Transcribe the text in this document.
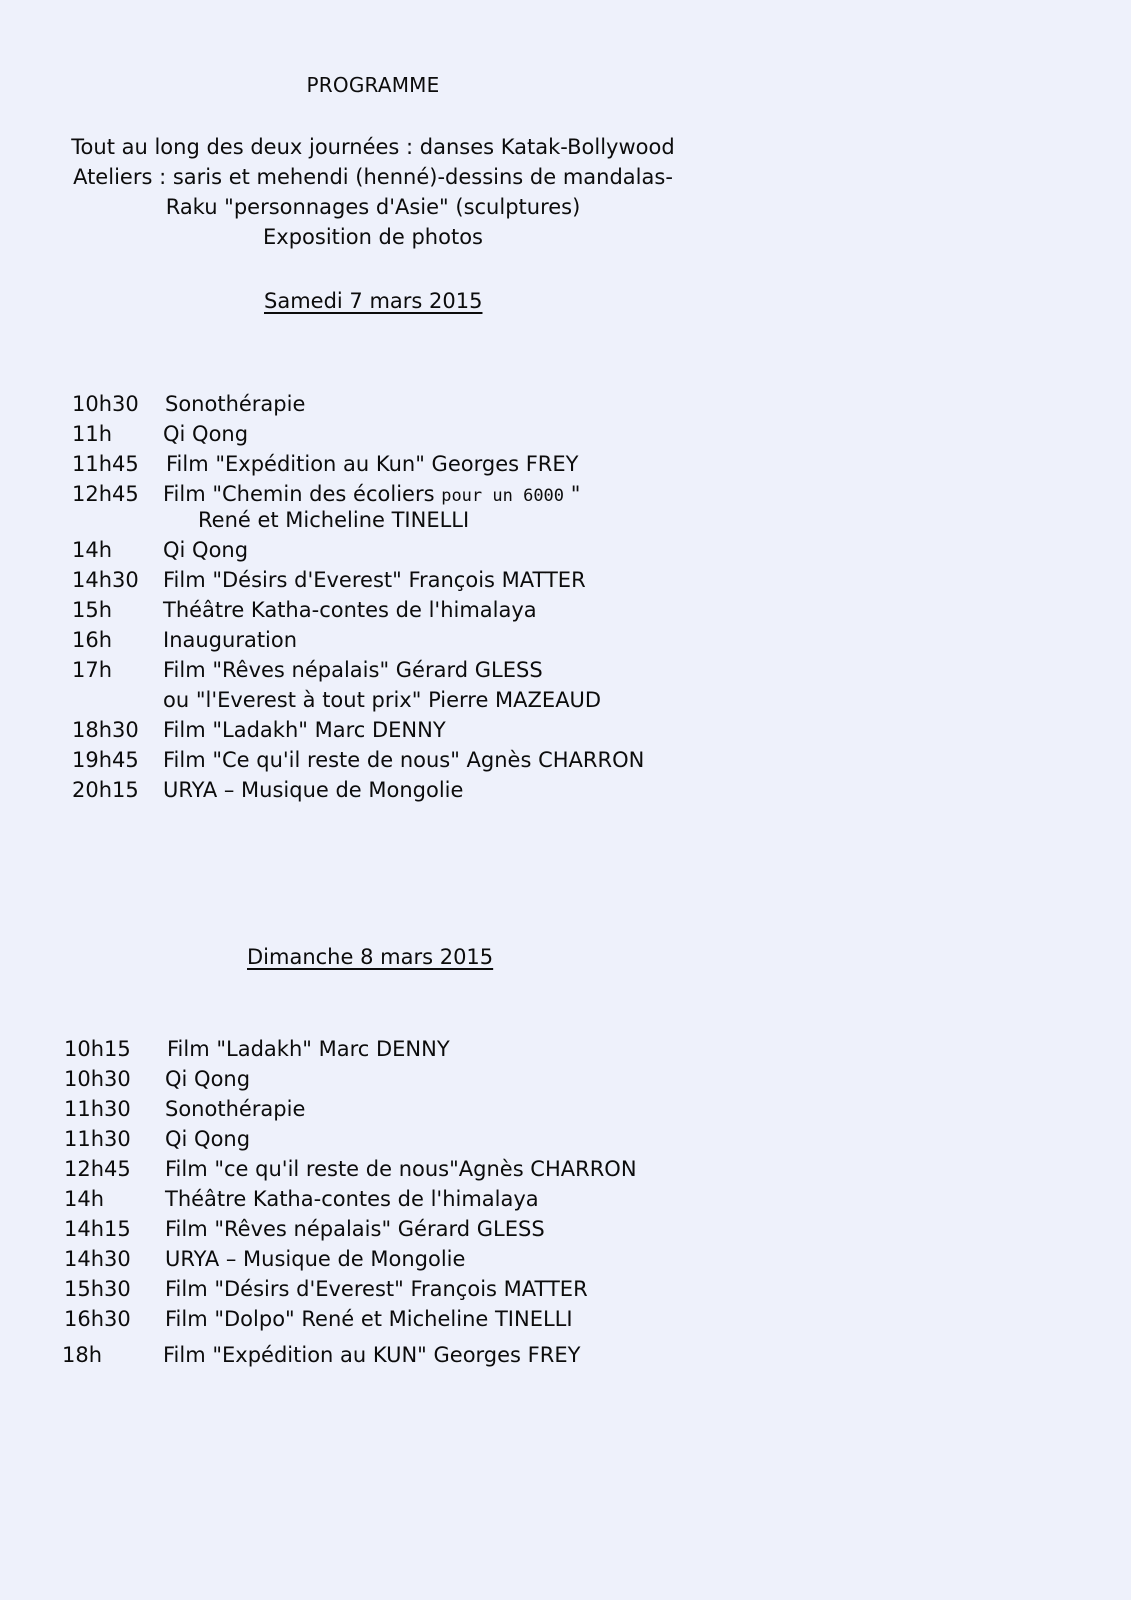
PROGRAMME
Tout au long des deux journées : danses Katak-Bollywood
Ateliers : saris et mehendi (henné)-dessins de mandalas-
Raku "personnages d'Asie" (sculptures)
Exposition de photos
Samedi 7 mars 2015
10h30 Sonothérapie
11h Qi Qong
11h45 Film "Expédition au Kun" Georges FREY
12h45 Film "Chemin des écoliers pour un 6000 "
René et Micheline TINELLI
14h Qi Qong
14h30 Film "Désirs d'Everest" François MATTER
15h Théâtre Katha-contes de l'himalaya
16h Inauguration
17h Film "Rêves népalais" Gérard GLESS
ou "l'Everest à tout prix" Pierre MAZEAUD
18h30 Film "Ladakh" Marc DENNY
19h45 Film "Ce qu'il reste de nous" Agnès CHARRON
20h15 URYA – Musique de Mongolie
Dimanche 8 mars 2015
10h15 Film "Ladakh" Marc DENNY
10h30 Qi Qong
11h30 Sonothérapie
11h30 Qi Qong
12h45 Film "ce qu'il reste de nous"Agnès CHARRON
14h	Théâtre Katha-contes de l'himalaya
14h15 Film "Rêves népalais" Gérard GLESS
14h30 URYA – Musique de Mongolie
15h30 Film "Désirs d'Everest" François MATTER
16h30 Film "Dolpo" René et Micheline TINELLI
18h	Film "Expédition au KUN" Georges FREY
